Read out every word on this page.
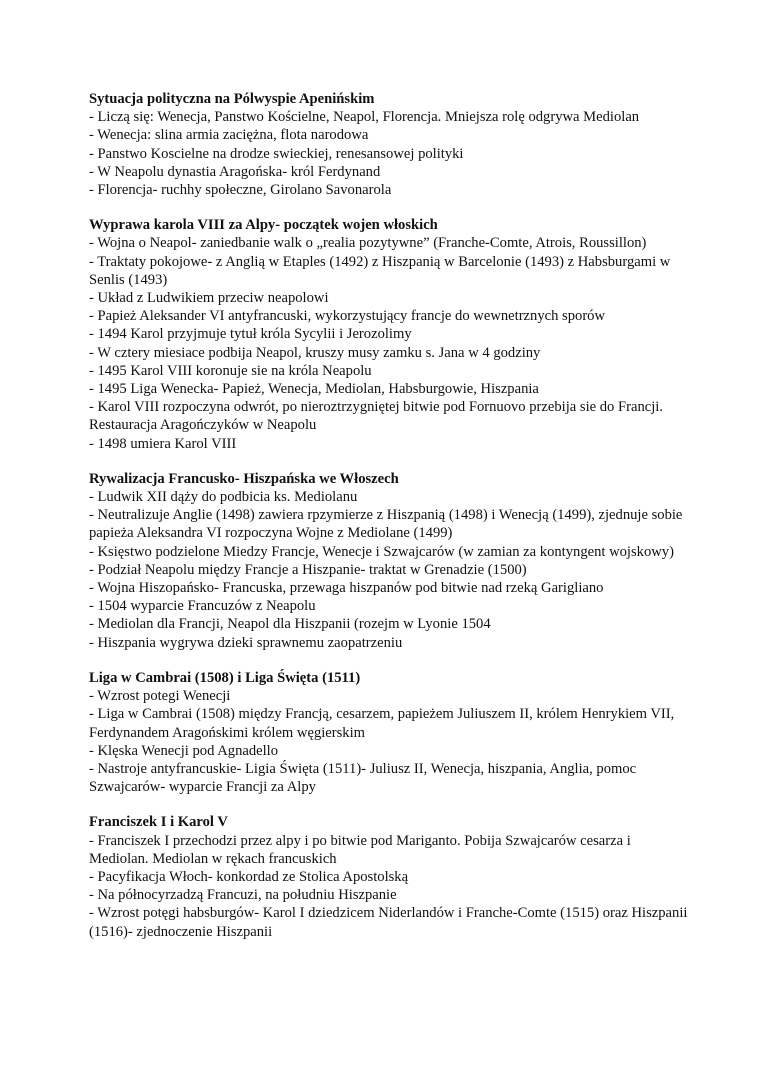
Sytuacja polityczna na Pólwyspie Apenińskim

- Liczą się: Wenecja, Panstwo Kościelne, Neapol, Florencja. Mniejsza rolę odgrywa Mediolan

- Wenecja: slina armia zaciężna, flota narodowa

- Panstwo Koscielne na drodze swieckiej, renesansowej polityki

- W Neapolu dynastia Aragońska- król Ferdynand

- Florencja- ruchhy społeczne, Girolano Savonarola

Wyprawa karola VIII za Alpy- początek wojen włoskich

- Wojna o Neapol- zaniedbanie walk o „realia pozytywne” (Franche-Comte, Atrois, Roussillon)

- Traktaty pokojowe- z Anglią w Etaples (1492) z Hiszpanią w Barcelonie (1493) z Habsburgami w Senlis (1493)

- Układ z Ludwikiem przeciw neapolowi

- Papież Aleksander VI antyfrancuski, wykorzystujący francje do wewnetrznych sporów

- 1494 Karol przyjmuje tytuł króla Sycylii i Jerozolimy

- W cztery miesiace podbija Neapol, kruszy musy zamku s. Jana w 4 godziny

- 1495 Karol VIII koronuje sie na króla Neapolu

- 1495 Liga Wenecka- Papież, Wenecja, Mediolan, Habsburgowie, Hiszpania

- Karol VIII rozpoczyna odwrót, po nieroztrzygniętej bitwie pod Fornuovo przebija sie do Francji. Restauracja Aragończyków w Neapolu

- 1498 umiera Karol VIII

Rywalizacja Francusko- Hiszpańska we Włoszech

- Ludwik XII dąży do podbicia ks. Mediolanu

- Neutralizuje Anglie (1498) zawiera rpzymierze z Hiszpanią (1498) i Wenecją (1499), zjednuje sobie papieża Aleksandra VI rozpoczyna Wojne z Mediolane (1499)

- Księstwo podzielone Miedzy Francje, Wenecje i Szwajcarów (w zamian za kontyngent wojskowy)

- Podział Neapolu między Francje a Hiszpanie- traktat w Grenadzie (1500)

- Wojna Hiszopańsko- Francuska, przewaga hiszpanów pod bitwie nad rzeką Garigliano

- 1504 wyparcie Francuzów z Neapolu

- Mediolan dla Francji, Neapol dla Hiszpanii (rozejm w Lyonie 1504

- Hiszpania wygrywa dzieki sprawnemu zaopatrzeniu

Liga w Cambrai (1508) i Liga Święta (1511)

- Wzrost potegi Wenecji

- Liga w Cambrai (1508) między Francją, cesarzem, papieżem Juliuszem II, królem Henrykiem VII, Ferdynandem Aragońskimi królem węgierskim

- Klęska Wenecji pod Agnadello

- Nastroje antyfrancuskie- Ligia Święta (1511)- Juliusz II, Wenecja, hiszpania, Anglia, pomoc Szwajcarów- wyparcie Francji za Alpy

Franciszek I i Karol V

- Franciszek I przechodzi przez alpy i po bitwie pod Mariganto. Pobija Szwajcarów cesarza i Mediolan. Mediolan w rękach francuskich

- Pacyfikacja Włoch- konkordad ze Stolica Apostolską

- Na północyrzadzą Francuzi, na południu Hiszpanie

- Wzrost potęgi habsburgów- Karol I dziedzicem Niderlandów i Franche-Comte (1515) oraz Hiszpanii (1516)- zjednoczenie Hiszpanii
